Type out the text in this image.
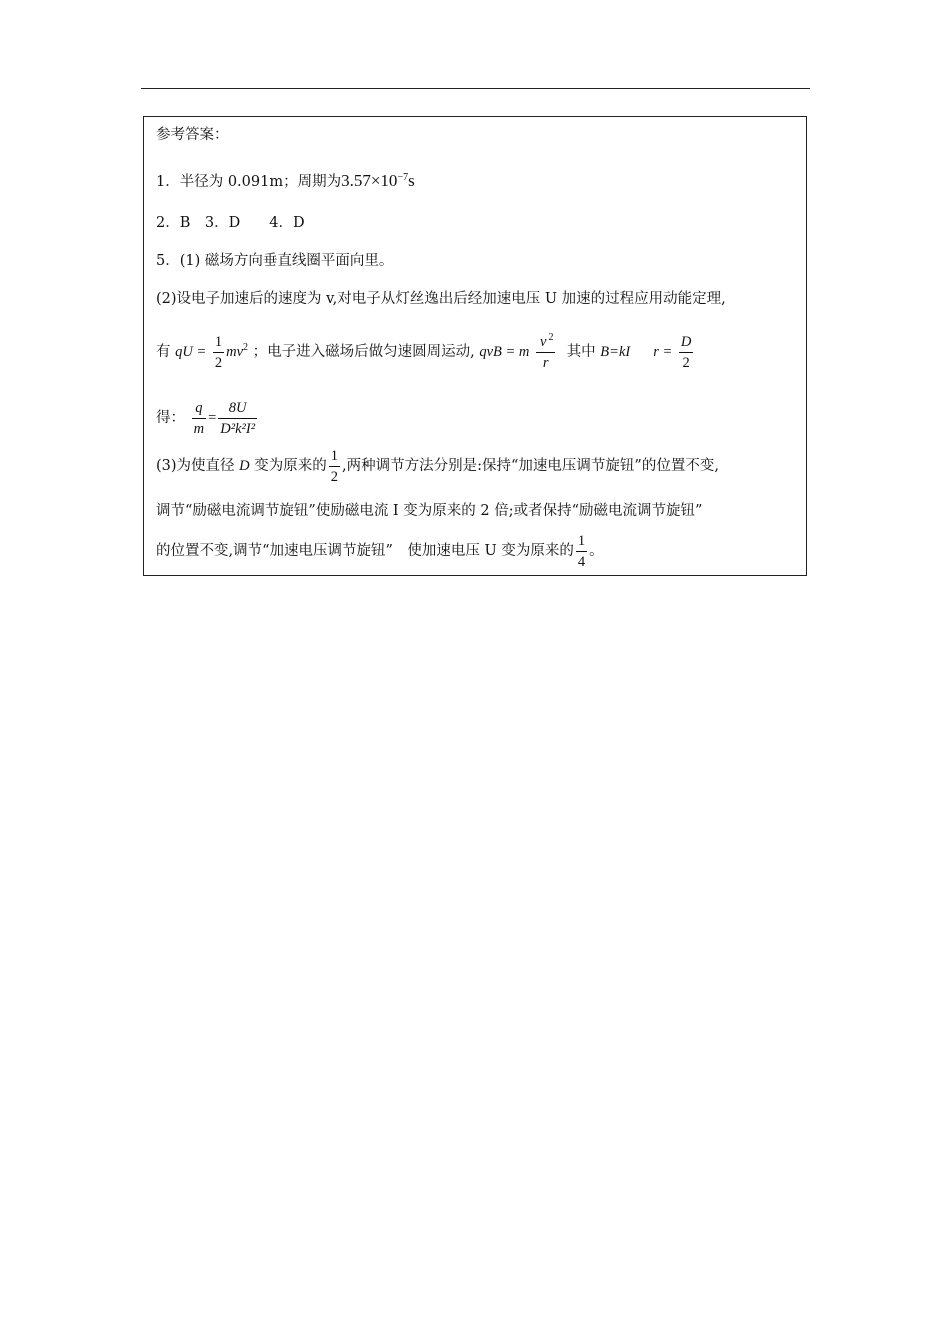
参考答案：
1．半径为 0.091m；周期为$3.57\times 10^{-7}s$
2．B　3．D　　4．D
5．(1) 磁场方向垂直线圈平面向里。
(2)设电子加速后的速度为 v,对电子从灯丝逸出后经加速电压 U 加速的过程应用动能定理,
有 qU = $\frac{1}{2} mv^2$ ；电子进入磁场后做匀速圆周运动, qvB = m $\frac{v ^2}{r}$ 其中 B=kI $r = \frac{D}{2}$
得： $\frac{q}{m} = \frac{8U}{\text{D²k²I²}}$
(3)为使直径 D 变为原来的 $\frac{1}{2}$ ,两种调节方法分别是:保持“加速电压调节旋钮”的位置不变,
调节“励磁电流调节旋钮”使励磁电流 I 变为原来的 2 倍;或者保持“励磁电流调节旋钮”
的位置不变,调节“加速电压调节旋钮”　使加速电压 U 变为原来的 $\frac{1}{4}$ 。
